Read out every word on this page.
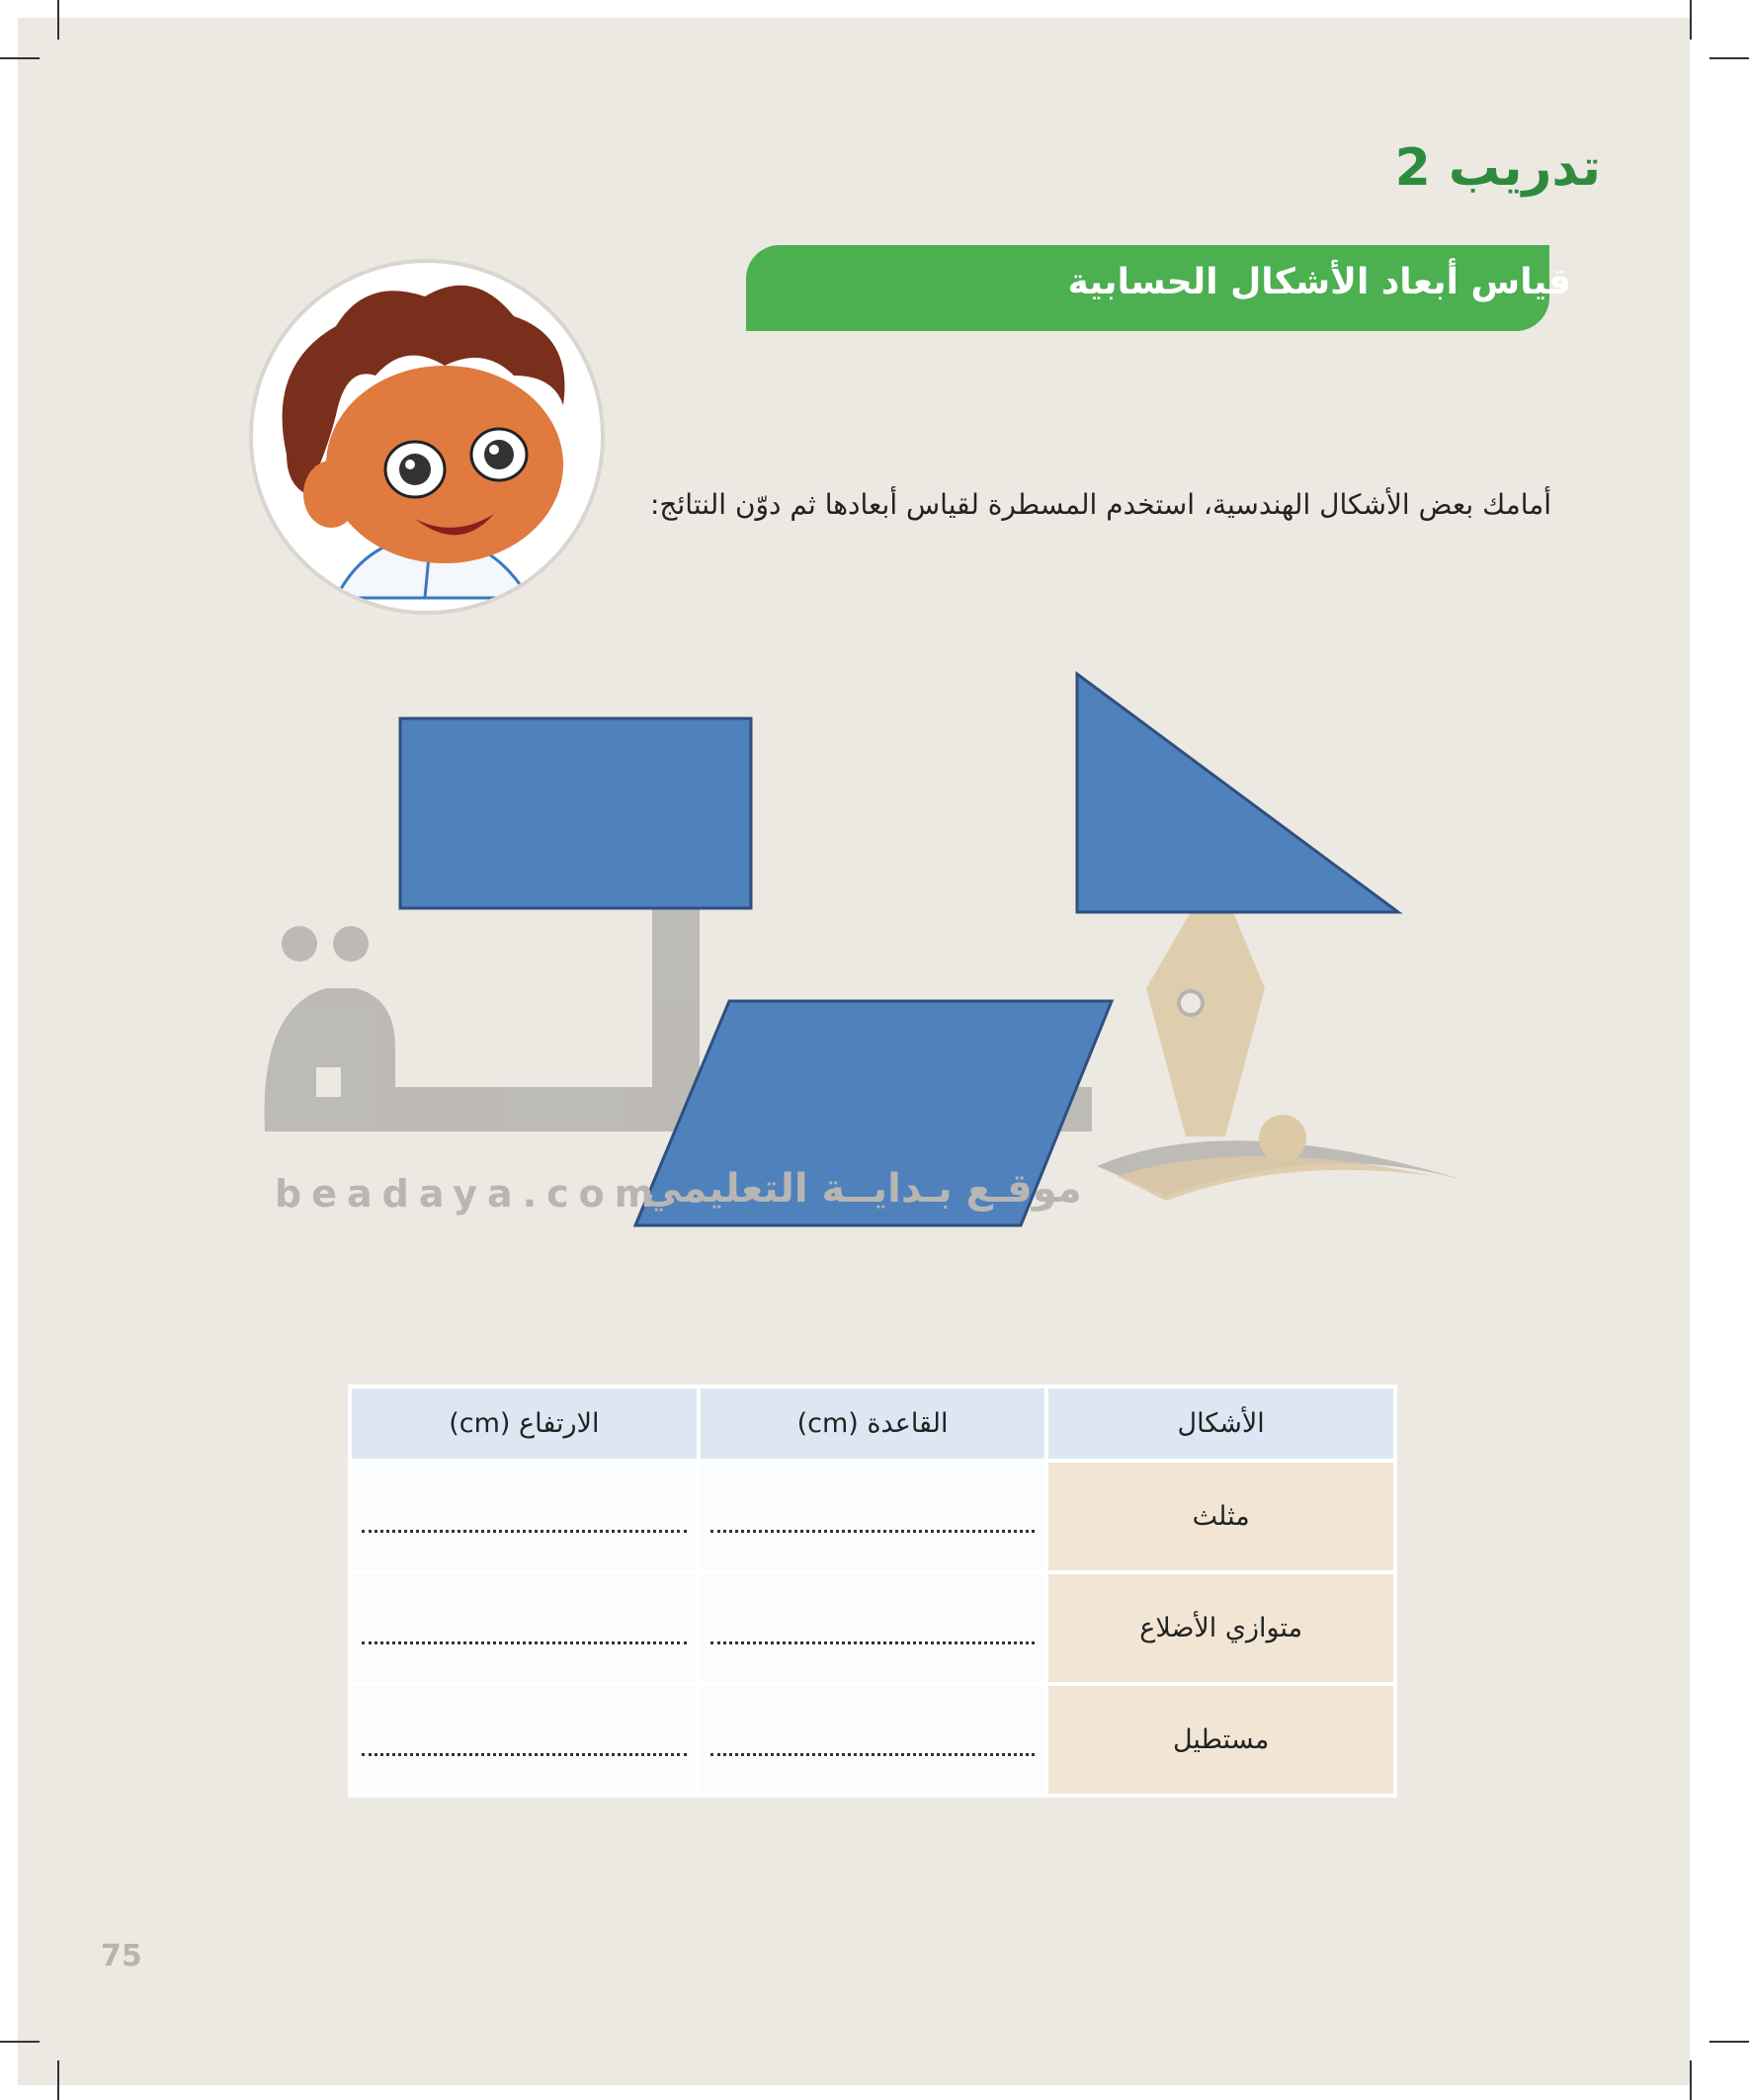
تدريب 2
قياس أبعاد الأشكال الحسابية
أمامك بعض الأشكال الهندسية، استخدم المسطرة لقياس أبعادها ثم دوّن النتائج:
beadaya.com
موقـع بـدايــة التعليمي
الأشكال	القاعدة (cm)	الارتفاع (cm)
مثلث	

متوازي الأضلاع	

مستطيل	

75
